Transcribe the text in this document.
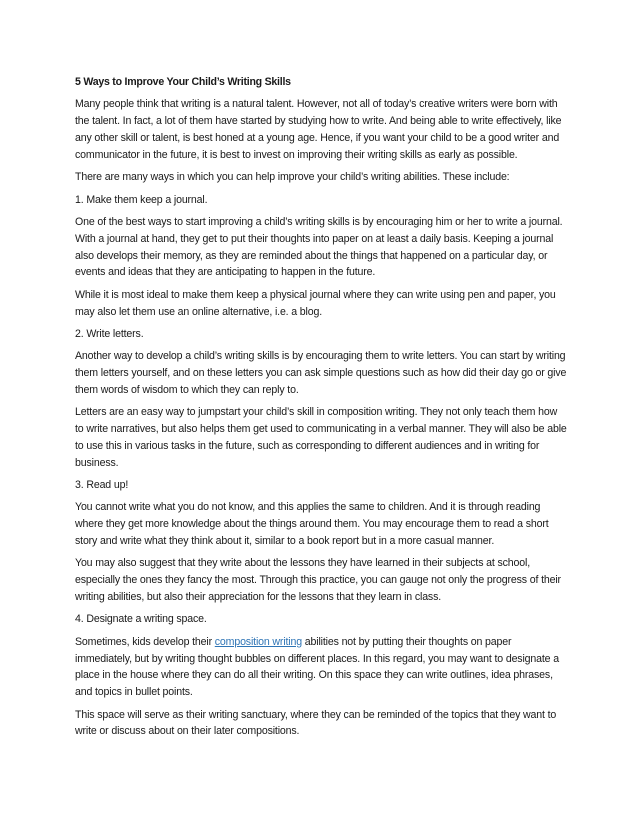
5 Ways to Improve Your Child’s Writing Skills

Many people think that writing is a natural talent. However, not all of today’s creative writers were born with the talent. In fact, a lot of them have started by studying how to write. And being able to write effectively, like any other skill or talent, is best honed at a young age. Hence, if you want your child to be a good writer and communicator in the future, it is best to invest on improving their writing skills as early as possible.

There are many ways in which you can help improve your child’s writing abilities. These include:

1. Make them keep a journal.

One of the best ways to start improving a child’s writing skills is by encouraging him or her to write a journal. With a journal at hand, they get to put their thoughts into paper on at least a daily basis. Keeping a journal also develops their memory, as they are reminded about the things that happened on a particular day, or events and ideas that they are anticipating to happen in the future.

While it is most ideal to make them keep a physical journal where they can write using pen and paper, you may also let them use an online alternative, i.e. a blog.

2. Write letters.

Another way to develop a child’s writing skills is by encouraging them to write letters. You can start by writing them letters yourself, and on these letters you can ask simple questions such as how did their day go or give them words of wisdom to which they can reply to.

Letters are an easy way to jumpstart your child’s skill in composition writing. They not only teach them how to write narratives, but also helps them get used to communicating in a verbal manner. They will also be able to use this in various tasks in the future, such as corresponding to different audiences and in writing for business.

3. Read up!

You cannot write what you do not know, and this applies the same to children. And it is through reading where they get more knowledge about the things around them. You may encourage them to read a short story and write what they think about it, similar to a book report but in a more casual manner.

You may also suggest that they write about the lessons they have learned in their subjects at school, especially the ones they fancy the most. Through this practice, you can gauge not only the progress of their writing abilities, but also their appreciation for the lessons that they learn in class.

4. Designate a writing space.

Sometimes, kids develop their composition writing abilities not by putting their thoughts on paper immediately, but by writing thought bubbles on different places. In this regard, you may want to designate a place in the house where they can do all their writing. On this space they can write outlines, idea phrases, and topics in bullet points.

This space will serve as their writing sanctuary, where they can be reminded of the topics that they want to write or discuss about on their later compositions.
